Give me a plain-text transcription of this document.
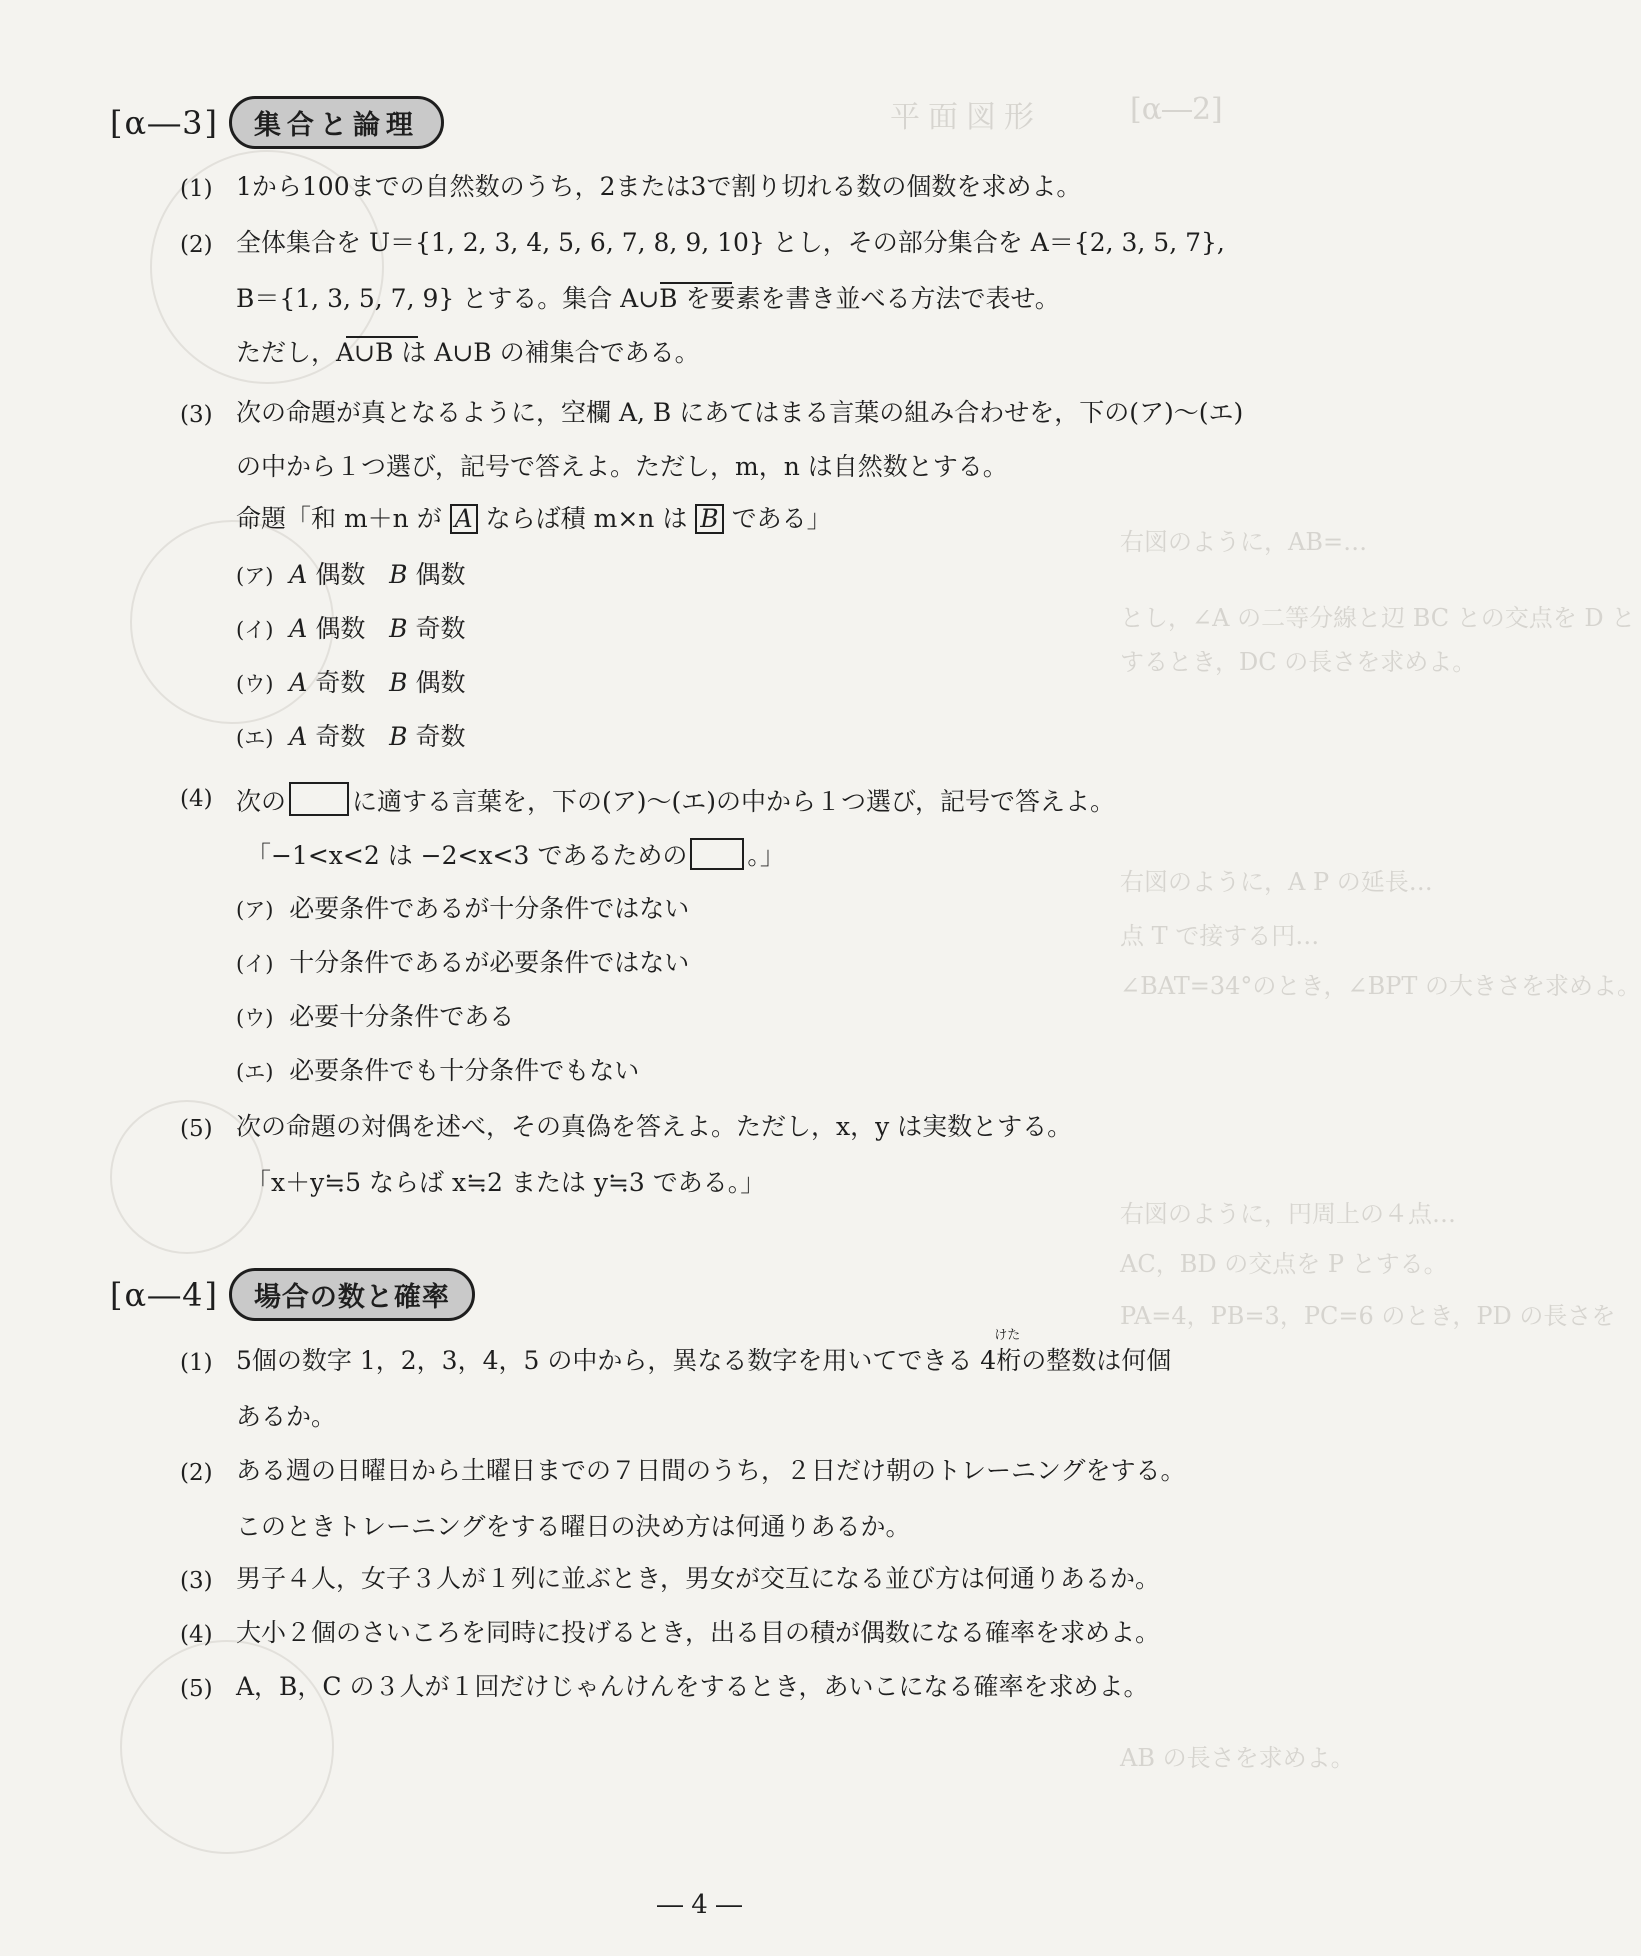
[α―2]
平面図形
右図のように，AB=…
とし，∠A の二等分線と辺 BC との交点を D と
するとき，DC の長さを求めよ。
右図のように，A P の延長…
点 T で接する円…
∠BAT=34°のとき，∠BPT の大きさを求めよ。
右図のように，円周上の４点…
AC，BD の交点を P とする。
PA=4，PB=3，PC=6 のとき，PD の長さを
AB の長さを求めよ。
[α―3]	集合と論理
(1) 1から100までの自然数のうち，2または3で割り切れる数の個数を求めよ。
(2) 全体集合を U＝{1, 2, 3, 4, 5, 6, 7, 8, 9, 10} とし，その部分集合を A＝{2, 3, 5, 7},
B＝{1, 3, 5, 7, 9} とする。集合 A∪B を要素を書き並べる方法で表せ。
ただし，A∪B は A∪B の補集合である。
(3) 次の命題が真となるように，空欄 A, B にあてはまる言葉の組み合わせを，下の(ア)〜(エ)
の中から１つ選び，記号で答えよ。ただし，m，n は自然数とする。
命題「和 m＋n が A ならば積 m×n は B である」
(ア) A 偶数 B 偶数
(イ) A 偶数 B 奇数
(ウ) A 奇数 B 偶数
(エ) A 奇数 B 奇数
(4) 次の	に適する言葉を，下の(ア)〜(エ)の中から１つ選び，記号で答えよ。
「−1<x<2 は −2<x<3 であるための 。」
(ア) 必要条件であるが十分条件ではない
(イ) 十分条件であるが必要条件ではない
(ウ) 必要十分条件である
(エ) 必要条件でも十分条件でもない
(5) 次の命題の対偶を述べ，その真偽を答えよ。ただし，x，y は実数とする。
「x＋y≒5 ならば x≒2 または y≒3 である。」
[α―4]	場合の数と確率
(1) 5個の数字 1，2，3，4，5 の中から，異なる数字を用いてできる 4
けた
桁の整数は何個
あるか。
(2) ある週の日曜日から土曜日までの７日間のうち，２日だけ朝のトレーニングをする。
このときトレーニングをする曜日の決め方は何通りあるか。
(3) 男子４人，女子３人が１列に並ぶとき，男女が交互になる並び方は何通りあるか。
(4) 大小２個のさいころを同時に投げるとき，出る目の積が偶数になる確率を求めよ。
(5) A，B，C の３人が１回だけじゃんけんをするとき，あいこになる確率を求めよ。
― 4 ―
